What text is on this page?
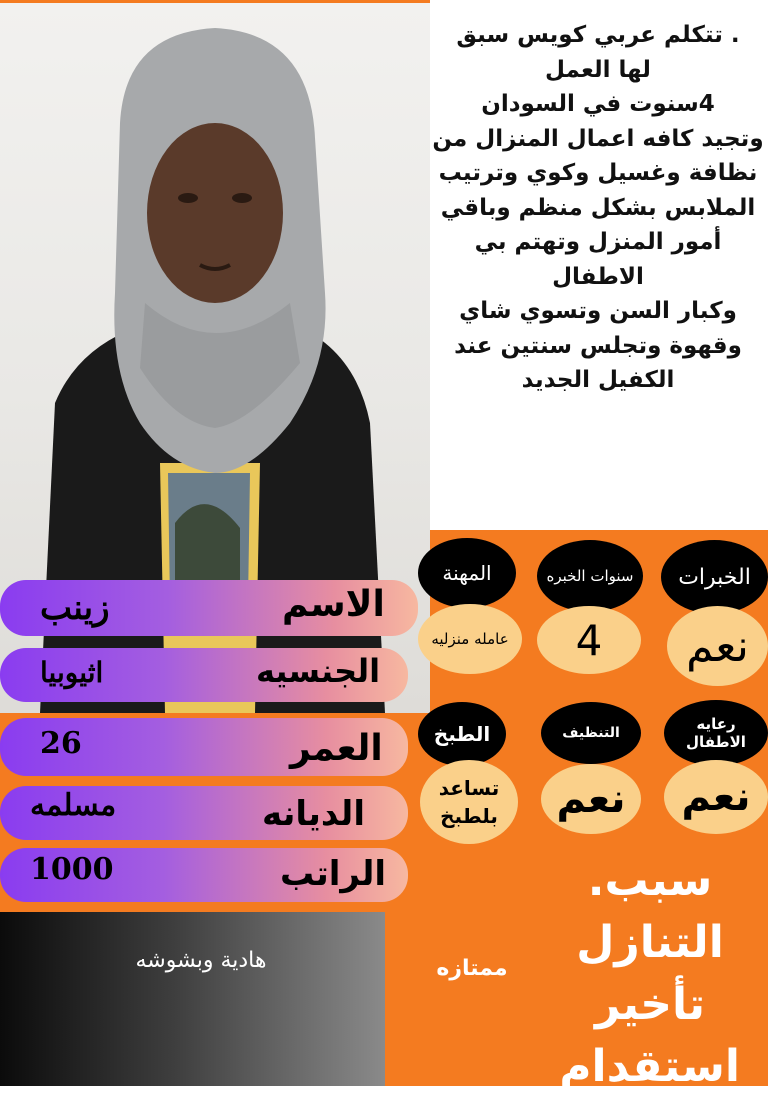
. تتكلم عربي كويس سبق
لها العمل
4سنوت في السودان
وتجيد كافه اعمال المنزال من
نظافة وغسيل وكوي وترتيب
الملابس بشكل منظم وباقي
أمور المنزل وتهتم بي
الاطفال
وكبار السن وتسوي شاي
وقهوة وتجلس سنتين عند
الكفيل الجديد
الاسم
زينب
الجنسيه
اثيوبيا
العمر
26
الديانه
مسلمه
الراتب
1000
المهنة	سنوات الخبره	الخبرات
عامله منزليه	4	نعم
الطبخ	التنظيف	رعايه الاطفال
تساعد
بلطبخ	نعم	نعم
هادية وبشوشه	ممتازه
سبب.
التنازل
تأخير
استقدام
